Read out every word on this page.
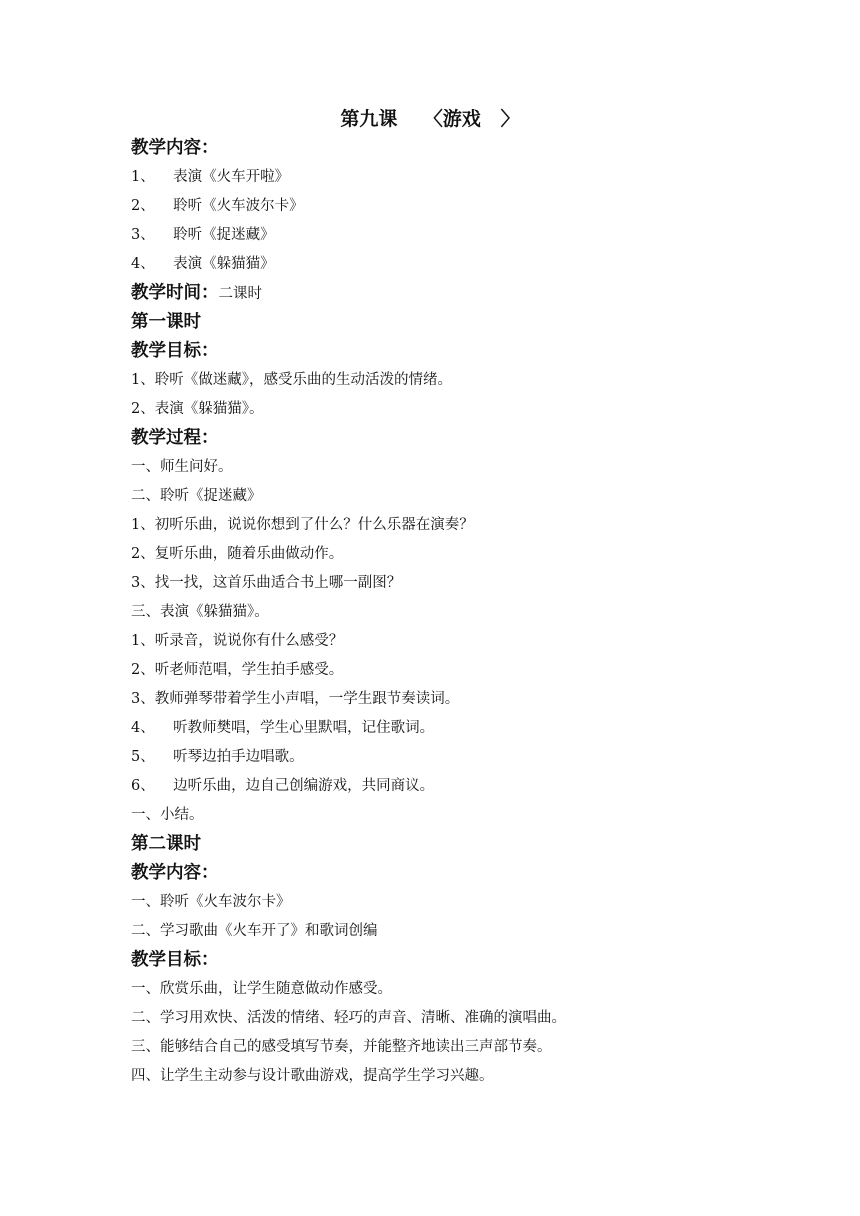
第九课    〈游戏   〉
教学内容：
1、    表演《火车开啦》
2、    聆听《火车波尔卡》
3、    聆听《捉迷藏》
4、    表演《躲猫猫》
教学时间：二课时
第一课时
教学目标：
1、聆听《做迷藏》，感受乐曲的生动活泼的情绪。
2、表演《躲猫猫》。
教学过程：
一、师生问好。
二、聆听《捉迷藏》
1、初听乐曲，说说你想到了什么？什么乐器在演奏？
2、复听乐曲，随着乐曲做动作。
3、找一找，这首乐曲适合书上哪一副图？
三、表演《躲猫猫》。
1、听录音，说说你有什么感受？
2、听老师范唱，学生拍手感受。
3、教师弹琴带着学生小声唱，一学生跟节奏读词。
4、    听教师樊唱，学生心里默唱，记住歌词。
5、    听琴边拍手边唱歌。
6、    边听乐曲，边自己创编游戏，共同商议。
一、小结。
第二课时
教学内容：
一、聆听《火车波尔卡》
二、学习歌曲《火车开了》和歌词创编
教学目标：
一、欣赏乐曲，让学生随意做动作感受。
二、学习用欢快、活泼的情绪、轻巧的声音、清晰、准确的演唱曲。
三、能够结合自己的感受填写节奏，并能整齐地读出三声部节奏。
四、让学生主动参与设计歌曲游戏，提高学生学习兴趣。
